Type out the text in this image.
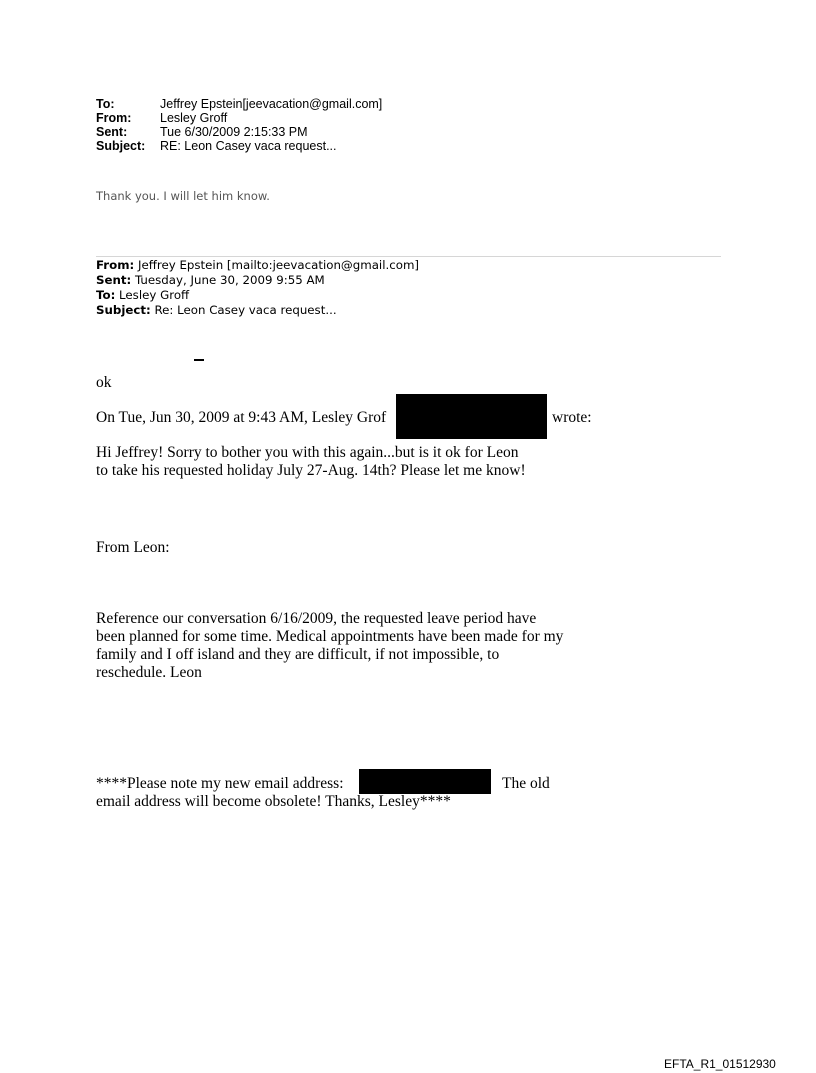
To:	Jeffrey Epstein[jeevacation@gmail.com]
From: Lesley Groff
Sent:	Tue 6/30/2009 2:15:33 PM
Subject: RE: Leon Casey vaca request...
Thank you. I will let him know.
From: Jeffrey Epstein [mailto:jeevacation@gmail.com]
Sent: Tuesday, June 30, 2009 9:55 AM
To: Lesley Groff
Subject: Re: Leon Casey vaca request...
ok
On Tue, Jun 30, 2009 at 9:43 AM, Lesley Grof	wrote:
Hi Jeffrey! Sorry to bother you with this again...but is it ok for Leon
to take his requested holiday July 27-Aug. 14th? Please let me know!
From Leon:
Reference our conversation 6/16/2009, the requested leave period have
been planned for some time. Medical appointments have been made for my
family and I off island and they are difficult, if not impossible, to
reschedule. Leon
****Please note my new email address:	The old
email address will become obsolete! Thanks, Lesley****
EFTA_R1_01512930
